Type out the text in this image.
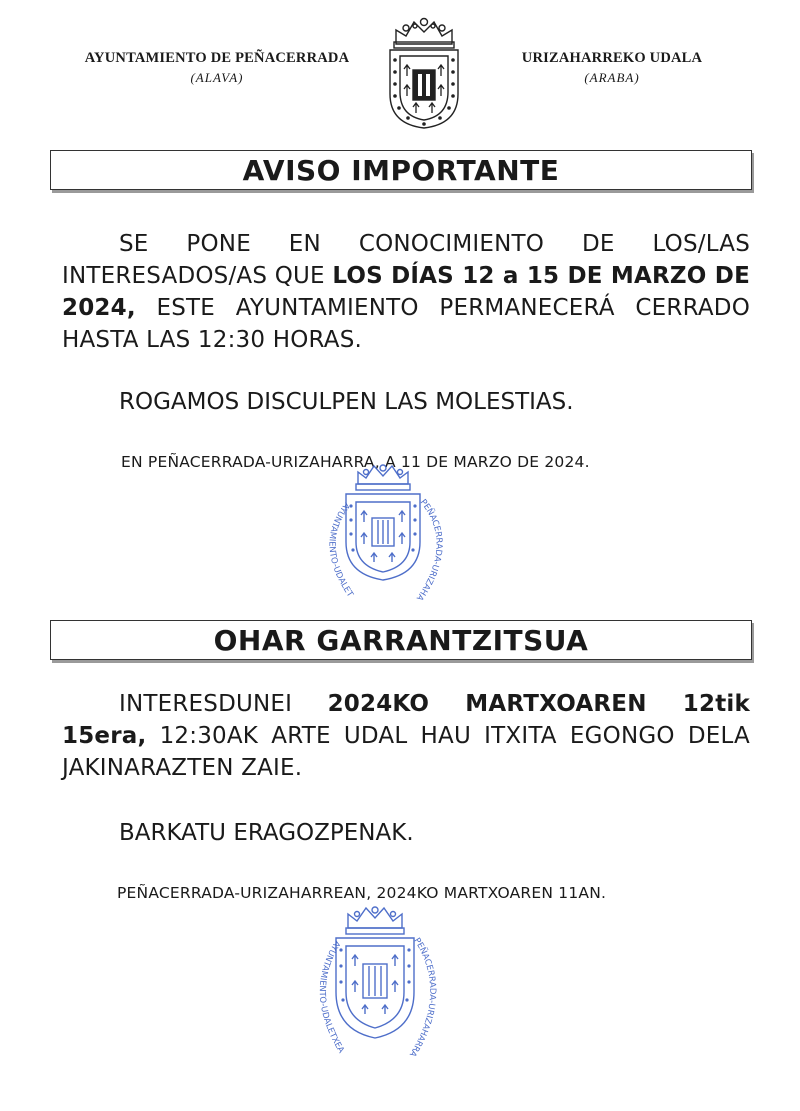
AYUNTAMIENTO DE PEÑACERRADA
(ALAVA)
URIZAHARREKO UDALA
(ARABA)
AVISO IMPORTANTE
SE PONE EN CONOCIMIENTO DE LOS/LAS INTERESADOS/AS QUE LOS DÍAS 12 a 15 DE MARZO DE 2024, ESTE AYUNTAMIENTO PERMANECERÁ CERRADO HASTA LAS 12:30 HORAS.
ROGAMOS DISCULPEN LAS MOLESTIAS.
EN PEÑACERRADA-URIZAHARRA, A 11 DE MARZO DE 2024.
AYUNTAMIENTO-UDALET
PEÑACERRADA-URIZAHA
OHAR GARRANTZITSUA
INTERESDUNEI 2024KO MARTXOAREN 12tik 15era, 12:30AK ARTE UDAL HAU ITXITA EGONGO DELA JAKINARAZTEN ZAIE.
BARKATU ERAGOZPENAK.
PEÑACERRADA-URIZAHARREAN, 2024KO MARTXOAREN 11AN.
AYUNTAMIENTO-UDALETXEA
PEÑACERRADA-URIZAHARRA
